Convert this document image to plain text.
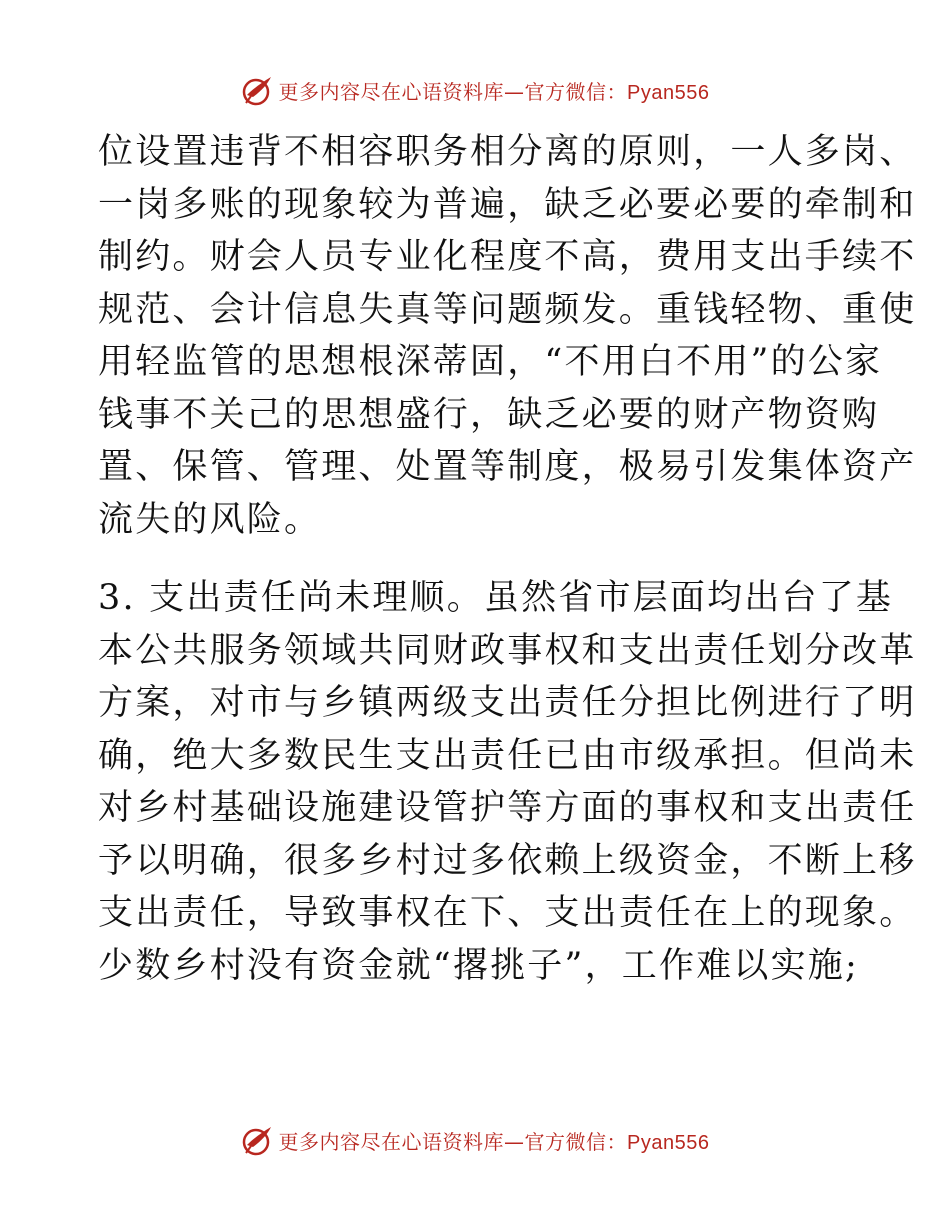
更多内容尽在心语资料库—官方微信：Pyan556
位设置违背不相容职务相分离的原则，一人多岗、
一岗多账的现象较为普遍，缺乏必要必要的牵制和
制约。财会人员专业化程度不高，费用支出手续不
规范、会计信息失真等问题频发。重钱轻物、重使
用轻监管的思想根深蒂固，“不用白不用”的公家
钱事不关己的思想盛行，缺乏必要的财产物资购
置、保管、管理、处置等制度，极易引发集体资产
流失的风险。
3. 支出责任尚未理顺。虽然省市层面均出台了基
本公共服务领域共同财政事权和支出责任划分改革
方案，对市与乡镇两级支出责任分担比例进行了明
确，绝大多数民生支出责任已由市级承担。但尚未
对乡村基础设施建设管护等方面的事权和支出责任
予以明确，很多乡村过多依赖上级资金，不断上移
支出责任，导致事权在下、支出责任在上的现象。
少数乡村没有资金就“撂挑子”，工作难以实施;
更多内容尽在心语资料库—官方微信：Pyan556
